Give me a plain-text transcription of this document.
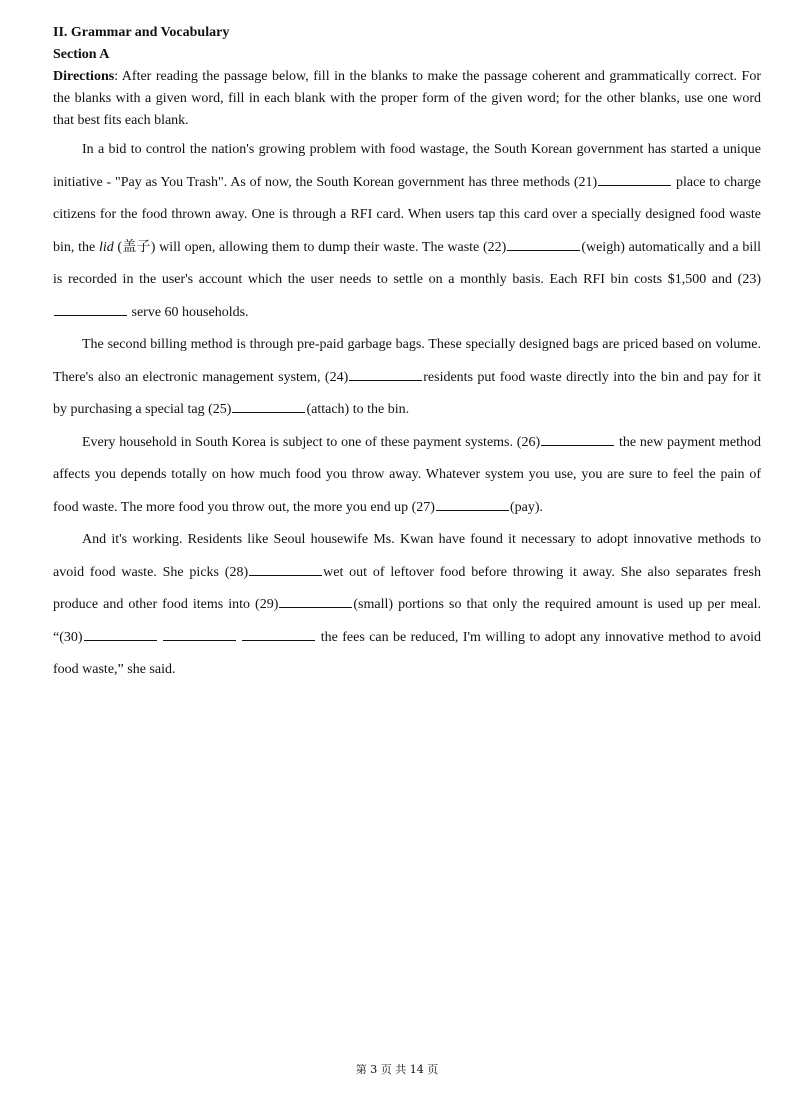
II. Grammar and Vocabulary
Section A
Directions: After reading the passage below, fill in the blanks to make the passage coherent and grammatically correct. For the blanks with a given word, fill in each blank with the proper form of the given word; for the other blanks, use one word that best fits each blank.

In a bid to control the nation's growing problem with food wastage, the South Korean government has started a unique initiative - "Pay as You Trash". As of now, the South Korean government has three methods (21)	place to charge citizens for the food thrown away. One is through a RFI card. When users tap this card over a specially designed food waste bin, the lid (盖子) will open, allowing them to dump their waste. The waste (22)	(weigh) automatically and a bill is recorded in the user's account which the user needs to settle on a monthly basis. Each RFI bin costs $1,500 and (23) serve 60 households.

The second billing method is through pre-paid garbage bags. These specially designed bags are priced based on volume. There's also an electronic management system, (24)	residents put food waste directly into the bin and pay for it by purchasing a special tag (25)	(attach) to the bin.

Every household in South Korea is subject to one of these payment systems. (26)	the new payment method affects you depends totally on how much food you throw away. Whatever system you use, you are sure to feel the pain of food waste. The more food you throw out, the more you end up (27)	(pay).

And it's working. Residents like Seoul housewife Ms. Kwan have found it necessary to adopt innovative methods to avoid food waste. She picks (28)	wet out of leftover food before throwing it away. She also separates fresh produce and other food items into (29)	(small) portions so that only the required amount is used up per meal. “(30)	the fees can be reduced, I'm willing to adopt any innovative method to avoid food waste,” she said.

第 3 页 共 14 页
